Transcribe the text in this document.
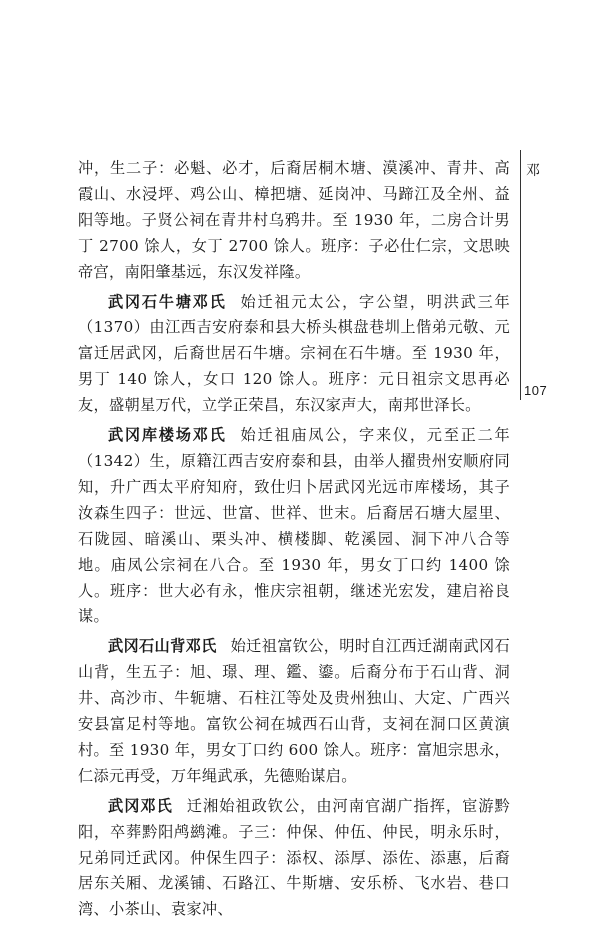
邓
107

冲，生二子：必魁、必才，后裔居桐木塘、漠溪冲、青井、高霞山、水浸坪、鸡公山、樟把塘、延岗冲、马蹄江及全州、益阳等地。子贤公祠在青井村乌鸦井。至 1930 年，二房合计男丁 2700 馀人，女丁 2700 馀人。班序：子必仕仁宗，文思映帝宫，南阳肇基远，东汉发祥隆。

武冈石牛塘邓氏 始迁祖元太公，字公望，明洪武三年（1370）由江西吉安府泰和县大桥头棋盘巷圳上偕弟元敬、元富迁居武冈，后裔世居石牛塘。宗祠在石牛塘。至 1930 年，男丁 140 馀人，女口 120 馀人。班序：元日祖宗文思再必友，盛朝星万代，立学正荣昌，东汉家声大，南邦世泽长。

武冈库楼场邓氏 始迁祖庙凤公，字来仪，元至正二年（1342）生，原籍江西吉安府泰和县，由举人擢贵州安顺府同知，升广西太平府知府，致仕归卜居武冈光远市库楼场，其子汝森生四子：世远、世富、世祥、世末。后裔居石塘大屋里、石陇园、暗溪山、栗头冲、横楼脚、乾溪园、洞下冲八合等地。庙凤公宗祠在八合。至 1930 年，男女丁口约 1400 馀人。班序：世大必有永，惟庆宗祖朝，继述光宏发，建启裕良谋。

武冈石山背邓氏 始迁祖富钦公，明时自江西迁湖南武冈石山背，生五子：旭、璟、理、鑑、鎏。后裔分布于石山背、洞井、高沙市、牛轭塘、石柱江等处及贵州独山、大定、广西兴安县富足村等地。富钦公祠在城西石山背，支祠在洞口区黄演村。至 1930 年，男女丁口约 600 馀人。班序：富旭宗思永，仁添元再受，万年绳武承，先德贻谋启。

武冈邓氏 迁湘始祖政钦公，由河南官湖广指挥，宦游黔阳，卒葬黔阳鸬鹚滩。子三：仲保、仲伍、仲民，明永乐时，兄弟同迁武冈。仲保生四子：添权、添厚、添佐、添惠，后裔居东关厢、龙溪铺、石路江、牛斯塘、安乐桥、飞水岩、巷口湾、小茶山、袁家冲、
